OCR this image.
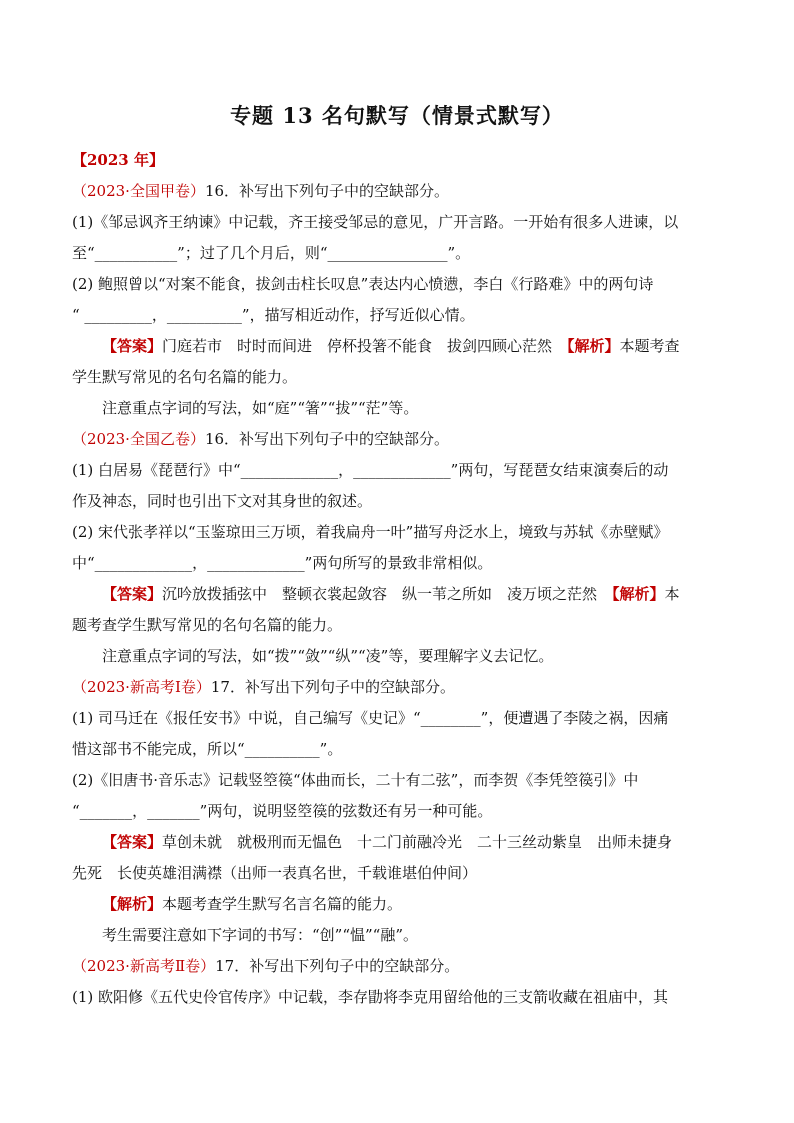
专题 13 名句默写（情景式默写）
【2023 年】
（2023·全国甲卷）16．补写出下列句子中的空缺部分。
(1)《邹忌讽齐王纳谏》中记载，齐王接受邹忌的意见，广开言路。一开始有很多人进谏，以
至“___________”；过了几个月后，则“________________”。
(2) 鲍照曾以“对案不能食，拔剑击柱长叹息”表达内心愤懑，李白《行路难》中的两句诗
“ _________，__________”，描写相近动作，抒写近似心情。
【答案】门庭若市　时时而间进　停杯投箸不能食　拔剑四顾心茫然　【解析】本题考查
学生默写常见的名句名篇的能力。
注意重点字词的写法，如“庭”“箸”“拔”“茫”等。
（2023·全国乙卷）16．补写出下列句子中的空缺部分。
(1) 白居易《琵琶行》中“_____________，_____________”两句，写琵琶女结束演奏后的动
作及神态，同时也引出下文对其身世的叙述。
(2) 宋代张孝祥以“玉鉴琼田三万顷，着我扁舟一叶”描写舟泛水上，境致与苏轼《赤壁赋》
中“_____________，_____________”两句所写的景致非常相似。
【答案】沉吟放拨插弦中　整顿衣裳起敛容　纵一苇之所如　凌万顷之茫然　【解析】本
题考查学生默写常见的名句名篇的能力。
注意重点字词的写法，如“拨”“敛”“纵”“凌”等，要理解字义去记忆。
（2023·新高考Ⅰ卷）17．补写出下列句子中的空缺部分。
(1) 司马迁在《报任安书》中说，自己编写《史记》“________”，便遭遇了李陵之祸，因痛
惜这部书不能完成，所以“__________”。
(2)《旧唐书·音乐志》记载竖箜篌“体曲而长，二十有二弦”，而李贺《李凭箜篌引》中
“_______，_______”两句，说明竖箜篌的弦数还有另一种可能。
【答案】草创未就　就极刑而无愠色　十二门前融冷光　二十三丝动紫皇　出师未捷身
先死　长使英雄泪满襟（出师一表真名世，千载谁堪伯仲间）
【解析】本题考查学生默写名言名篇的能力。
考生需要注意如下字词的书写：“创”“愠”“融”。
（2023·新高考Ⅱ卷）17．补写出下列句子中的空缺部分。
(1) 欧阳修《五代史伶官传序》中记载，李存勖将李克用留给他的三支箭收藏在祖庙中，其
